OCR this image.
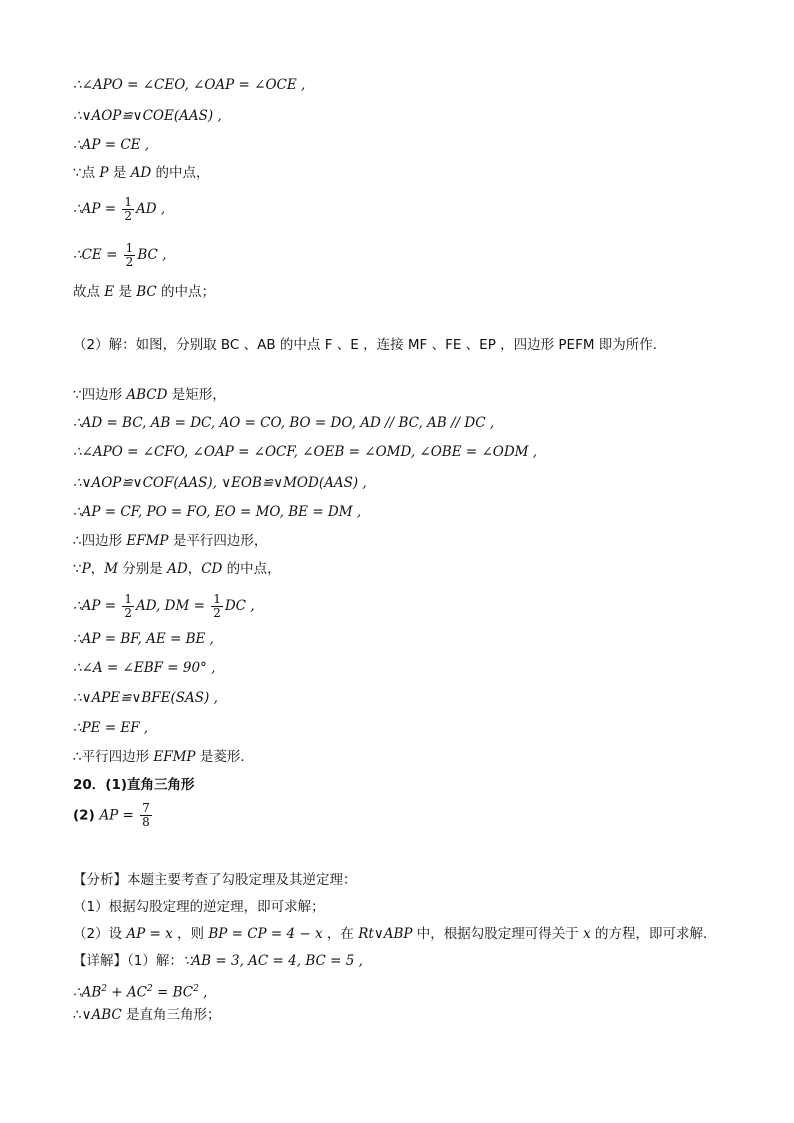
∴∠APO = ∠CEO, ∠OAP = ∠OCE ,
∴∨AOP≌∨COE(AAS) ,
∴AP = CE ,
∵点 P 是 AD 的中点，
∴AP = $\frac{1}{2}$ AD ,
∴CE = $\frac{1}{2}$ BC ,
故点 E 是 BC 的中点；
（2）解：如图，分别取 BC 、AB 的中点 F 、E ，连接 MF 、FE 、EP ，四边形 PEFM 即为所作．
∵四边形 ABCD 是矩形，
∴AD = BC, AB = DC, AO = CO, BO = DO, AD // BC, AB // DC ,
∴∠APO = ∠CFO, ∠OAP = ∠OCF, ∠OEB = ∠OMD, ∠OBE = ∠ODM ,
∴∨AOP≌∨COF(AAS), ∨EOB≌∨MOD(AAS) ,
∴AP = CF, PO = FO, EO = MO, BE = DM ,
∴四边形 EFMP 是平行四边形，
∵P，M 分别是 AD，CD 的中点，
∴AP = $\frac{1}{2}$ AD, DM = $\frac{1}{2}$ DC ,
∴AP = BF, AE = BE ,
∴∠A = ∠EBF = 90° ,
∴∨APE≌∨BFE(SAS) ,
∴PE = EF ,
∴平行四边形 EFMP 是菱形．
20．(1)直角三角形
(2) AP = $\frac{7}{8}$
【分析】本题主要考查了勾股定理及其逆定理：
（1）根据勾股定理的逆定理，即可求解；
（2）设 AP = x ，则 BP = CP = 4 − x ，在 Rt∨ABP 中，根据勾股定理可得关于 x 的方程，即可求解．
【详解】（1）解：∵AB = 3, AC = 4, BC = 5 ,
$\therefore AB^2 + AC^2 = BC^2$ ,
∴∨ABC 是直角三角形；
